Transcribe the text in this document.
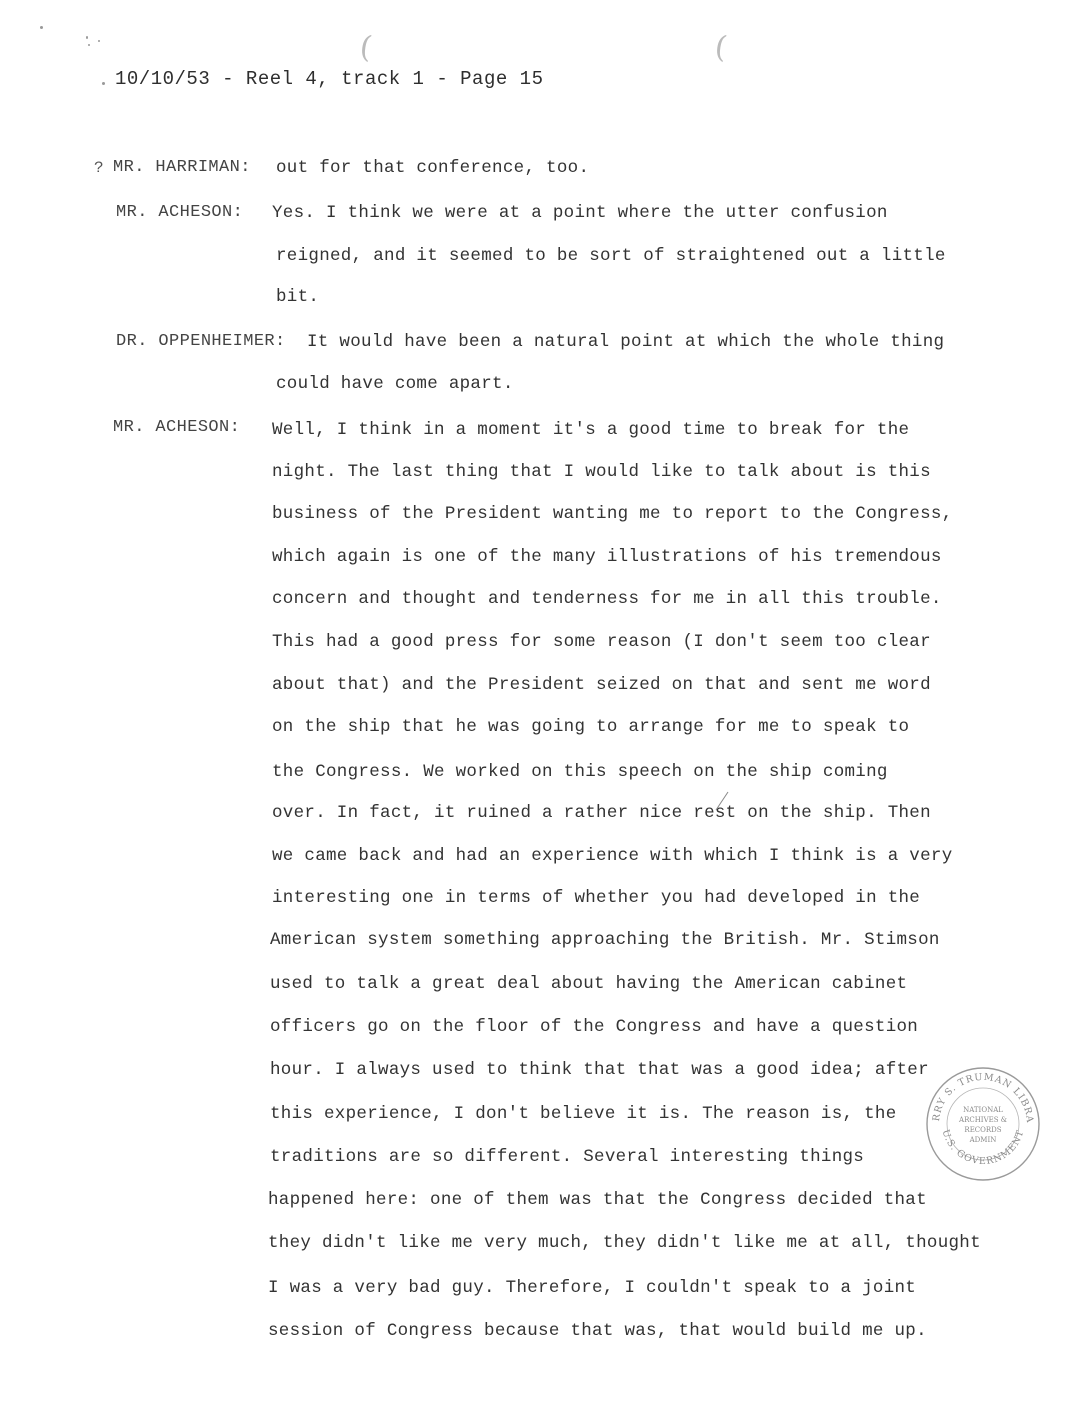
(	(
10/10/53 - Reel 4, track 1 - Page 15
? MR. HARRIMAN: out for that conference, too.
MR. ACHESON: Yes. I think we were at a point where the utter confusion
reigned, and it seemed to be sort of straightened out a little
bit.
DR. OPPENHEIMER: It would have been a natural point at which the whole thing
could have come apart.
MR. ACHESON: Well, I think in a moment it's a good time to break for the
night. The last thing that I would like to talk about is this
business of the President wanting me to report to the Congress,
which again is one of the many illustrations of his tremendous
concern and thought and tenderness for me in all this trouble.
This had a good press for some reason (I don't seem too clear
about that) and the President seized on that and sent me word
on the ship that he was going to arrange for me to speak to
the Congress. We worked on this speech on the ship coming
over. In fact, it ruined a rather nice rest on the ship. Then
we came back and had an experience with which I think is a very
interesting one in terms of whether you had developed in the
American system something approaching the British. Mr. Stimson
used to talk a great deal about having the American cabinet
officers go on the floor of the Congress and have a question
hour. I always used to think that that was a good idea; after
this experience, I don't believe it is. The reason is, the
traditions are so different. Several interesting things
happened here: one of them was that the Congress decided that
they didn't like me very much, they didn't like me at all, thought
I was a very bad guy. Therefore, I couldn't speak to a joint
session of Congress because that was, that would build me up.
RRY S. TRUMAN LIBRA
U.S. GOVERNMENT
NATIONAL
ARCHIVES &
RECORDS
ADMIN
